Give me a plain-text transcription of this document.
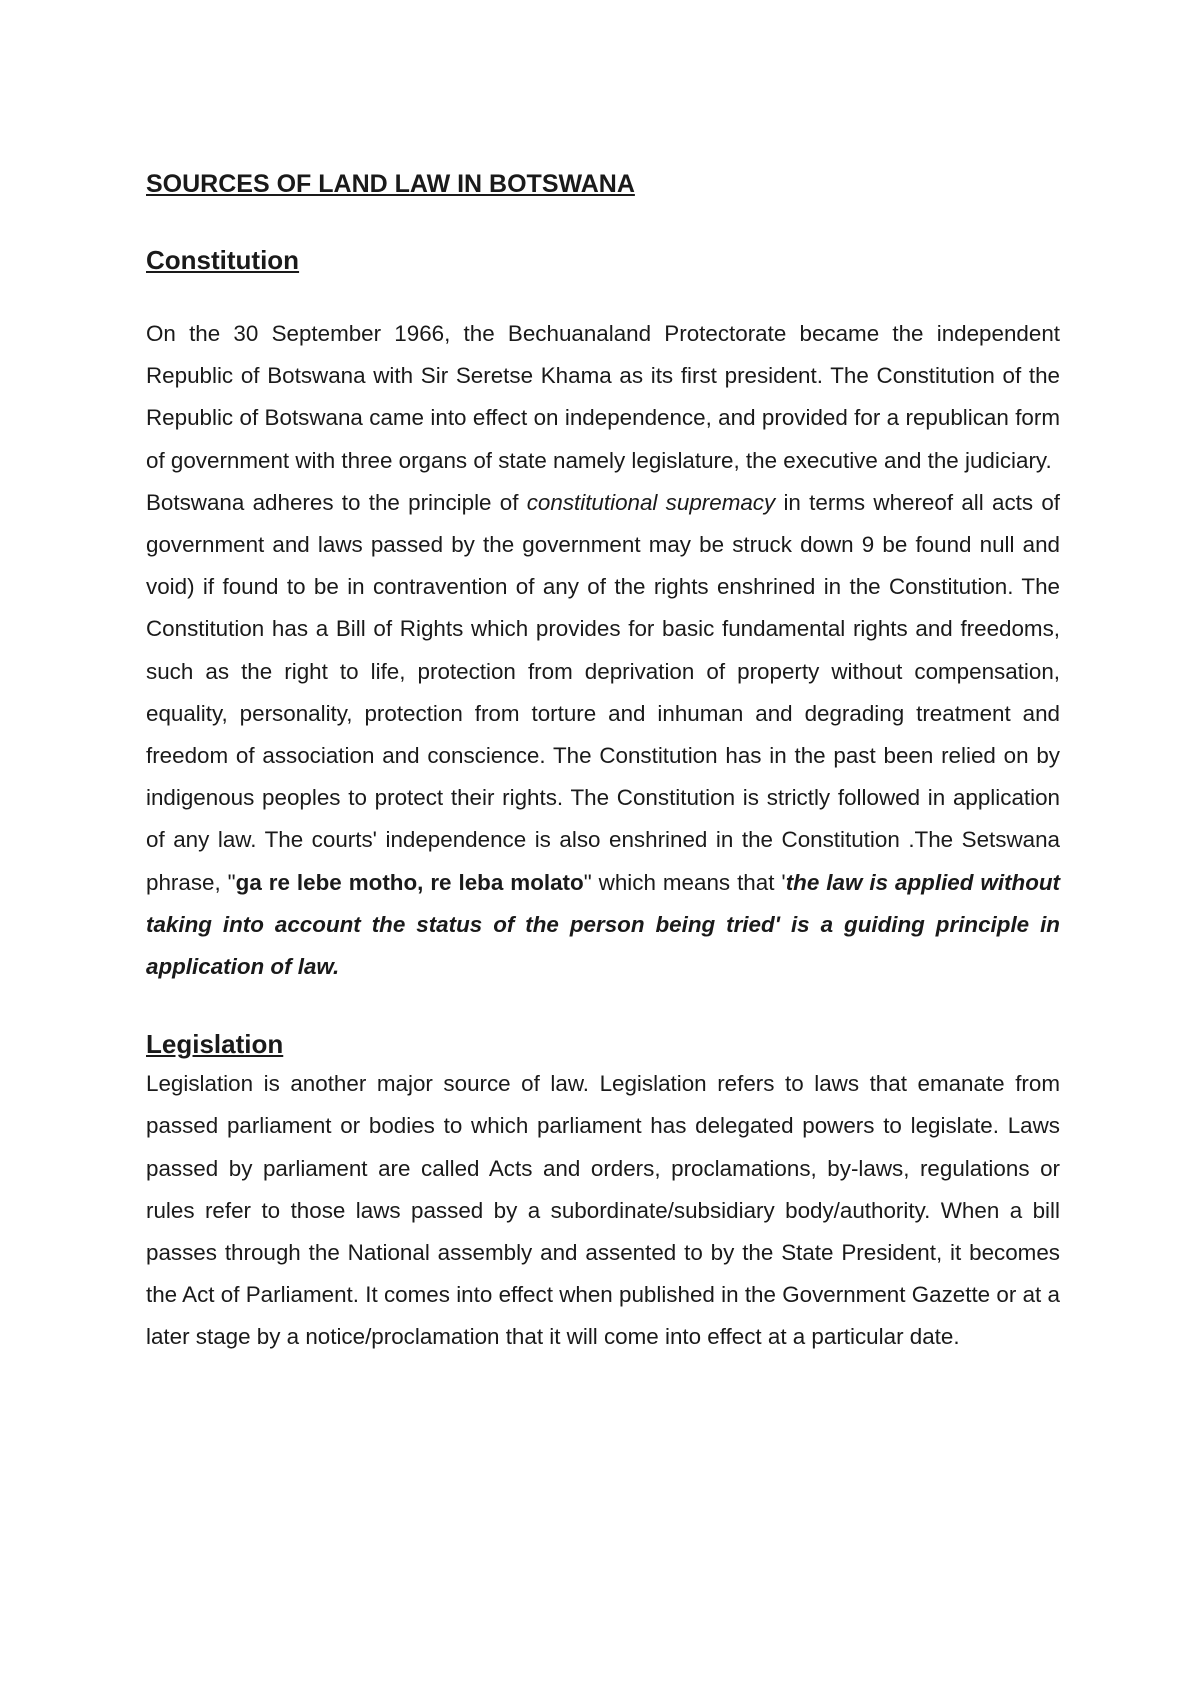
SOURCES OF LAND LAW IN BOTSWANA
Constitution

On the 30 September 1966, the Bechuanaland Protectorate became the independent Republic of Botswana with Sir Seretse Khama as its first president. The Constitution of the Republic of Botswana came into effect on independence, and provided for a republican form of government with three organs of state namely legislature, the executive and the judiciary.

Botswana adheres to the principle of constitutional supremacy in terms whereof all acts of government and laws passed by the government may be struck down 9 be found null and void) if found to be in contravention of any of the rights enshrined in the Constitution. The Constitution has a Bill of Rights which provides for basic fundamental rights and freedoms, such as the right to life, protection from deprivation of property without compensation, equality, personality, protection from torture and inhuman and degrading treatment and freedom of association and conscience. The Constitution has in the past been relied on by indigenous peoples to protect their rights. The Constitution is strictly followed in application of any law. The courts' independence is also enshrined in the Constitution .The Setswana phrase, "ga re lebe motho, re leba molato" which means that 'the law is applied without taking into account the status of the person being tried' is a guiding principle in application of law.

Legislation

Legislation is another major source of law. Legislation refers to laws that emanate from passed parliament or bodies to which parliament has delegated powers to legislate. Laws passed by parliament are called Acts and orders, proclamations, by-laws, regulations or rules refer to those laws passed by a subordinate/subsidiary body/authority. When a bill passes through the National assembly and assented to by the State President, it becomes the Act of Parliament. It comes into effect when published in the Government Gazette or at a later stage by a notice/proclamation that it will come into effect at a particular date.
